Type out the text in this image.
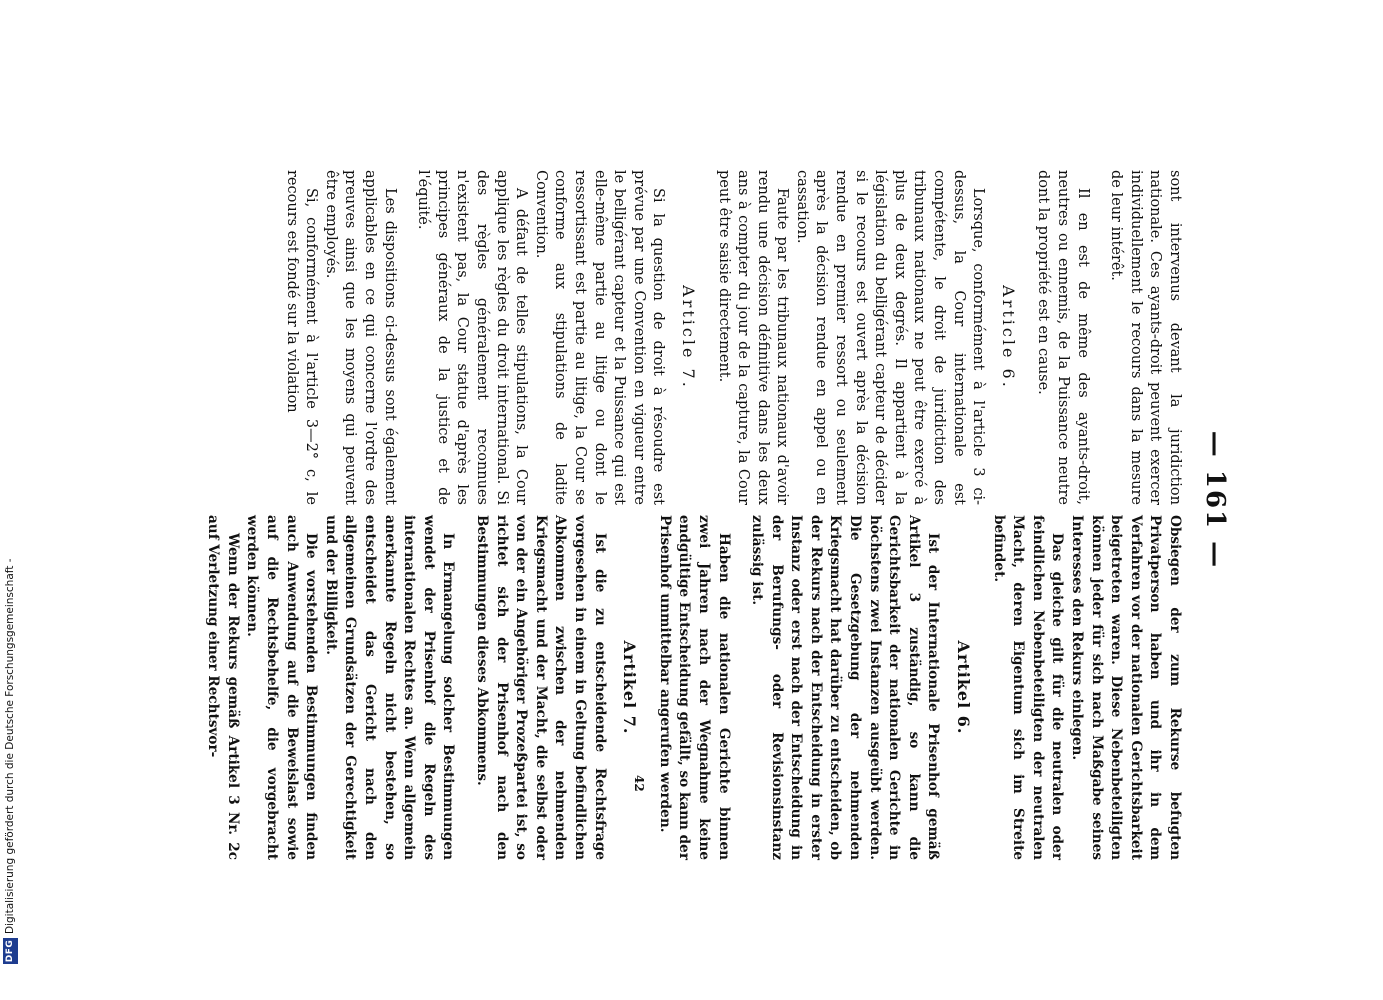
DFG
Digitalisierung gefördert durch die Deutsche Forschungsgemeinschaft -
— 161 —

sont intervenus devant la juridiction nationale. Ces ayants-droit peuvent exercer individuellement le recours dans la mesure de leur intérêt.

Il en est de même des ayants-droit, neutres ou ennemis, de la Puissance neutre dont la propriété est en cause.

Article 6.

Lorsque, conformément à l'article 3 ci-dessus, la Cour internationale est compétente, le droit de juridiction des tribunaux nationaux ne peut être exercé à plus de deux degrés. Il appartient à la législation du belligérant capteur de décider si le recours est ouvert après la décision rendue en premier ressort ou seulement après la décision rendue en appel ou en cassation.

Faute par les tribunaux nationaux d'avoir rendu une décision définitive dans les deux ans à compter du jour de la capture, la Cour peut être saisie directement.

Article 7.

Si la question de droit à résoudre est prévue par une Convention en vigueur entre le belligérant capteur et la Puissance qui est elle-même partie au litige ou dont le ressortissant est partie au litige, la Cour se conforme aux stipulations de ladite Convention.

A défaut de telles stipulations, la Cour applique les règles du droit international. Si des règles généralement reconnues n'existent pas, la Cour statue d'après les principes généraux de la justice et de l'équité.

Les dispositions ci-dessus sont également applicables en ce qui concerne l'ordre des preuves ainsi que les moyens qui peuvent être employés.

Si, conformément à l'article 3—2° c, le recours est fondé sur la violation

Obsiegen der zum Rekurse befugten Privatperson haben und ihr in dem Verfahren vor der nationalen Gerichtsbarkeit beigetreten waren. Diese Nebenbeteiligten können jeder für sich nach Maßgabe seines Interesses den Rekurs einlegen.

Das gleiche gilt für die neutralen oder feindlichen Nebenbeteiligten der neutralen Macht, deren Eigentum sich im Streite befindet.

Artikel 6.

Ist der Internationale Prisenhof gemäß Artikel 3 zuständig, so kann die Gerichtsbarkeit der nationalen Gerichte in höchstens zwei Instanzen ausgeübt werden. Die Gesetzgebung der nehmenden Kriegsmacht hat darüber zu entscheiden, ob der Rekurs nach der Entscheidung in erster Instanz oder erst nach der Entscheidung in der Berufungs- oder Revisionsinstanz zulässig ist.

Haben die nationalen Gerichte binnen zwei Jahren nach der Wegnahme keine endgültige Entscheidung gefällt, so kann der Prisenhof unmittelbar angerufen werden.

Artikel 7.

Ist die zu entscheidende Rechtsfrage vorgesehen in einem in Geltung befindlichen Abkommen zwischen der nehmenden Kriegsmacht und der Macht, die selbst oder von der ein Angehöriger Prozeßpartei ist, so richtet sich der Prisenhof nach den Bestimmungen dieses Abkommens.

In Ermangelung solcher Bestimmungen wendet der Prisenhof die Regeln des internationalen Rechtes an. Wenn allgemein anerkannte Regeln nicht bestehen, so entscheidet das Gericht nach den allgemeinen Grundsätzen der Gerechtigkeit und der Billigkeit.

Die vorstehenden Bestimmungen finden auch Anwendung auf die Beweislast sowie auf die Rechtsbehelfe, die vorgebracht werden können.

Wenn der Rekurs gemäß Artikel 3 Nr. 2c auf Verletzung einer Rechtsvor-

42
